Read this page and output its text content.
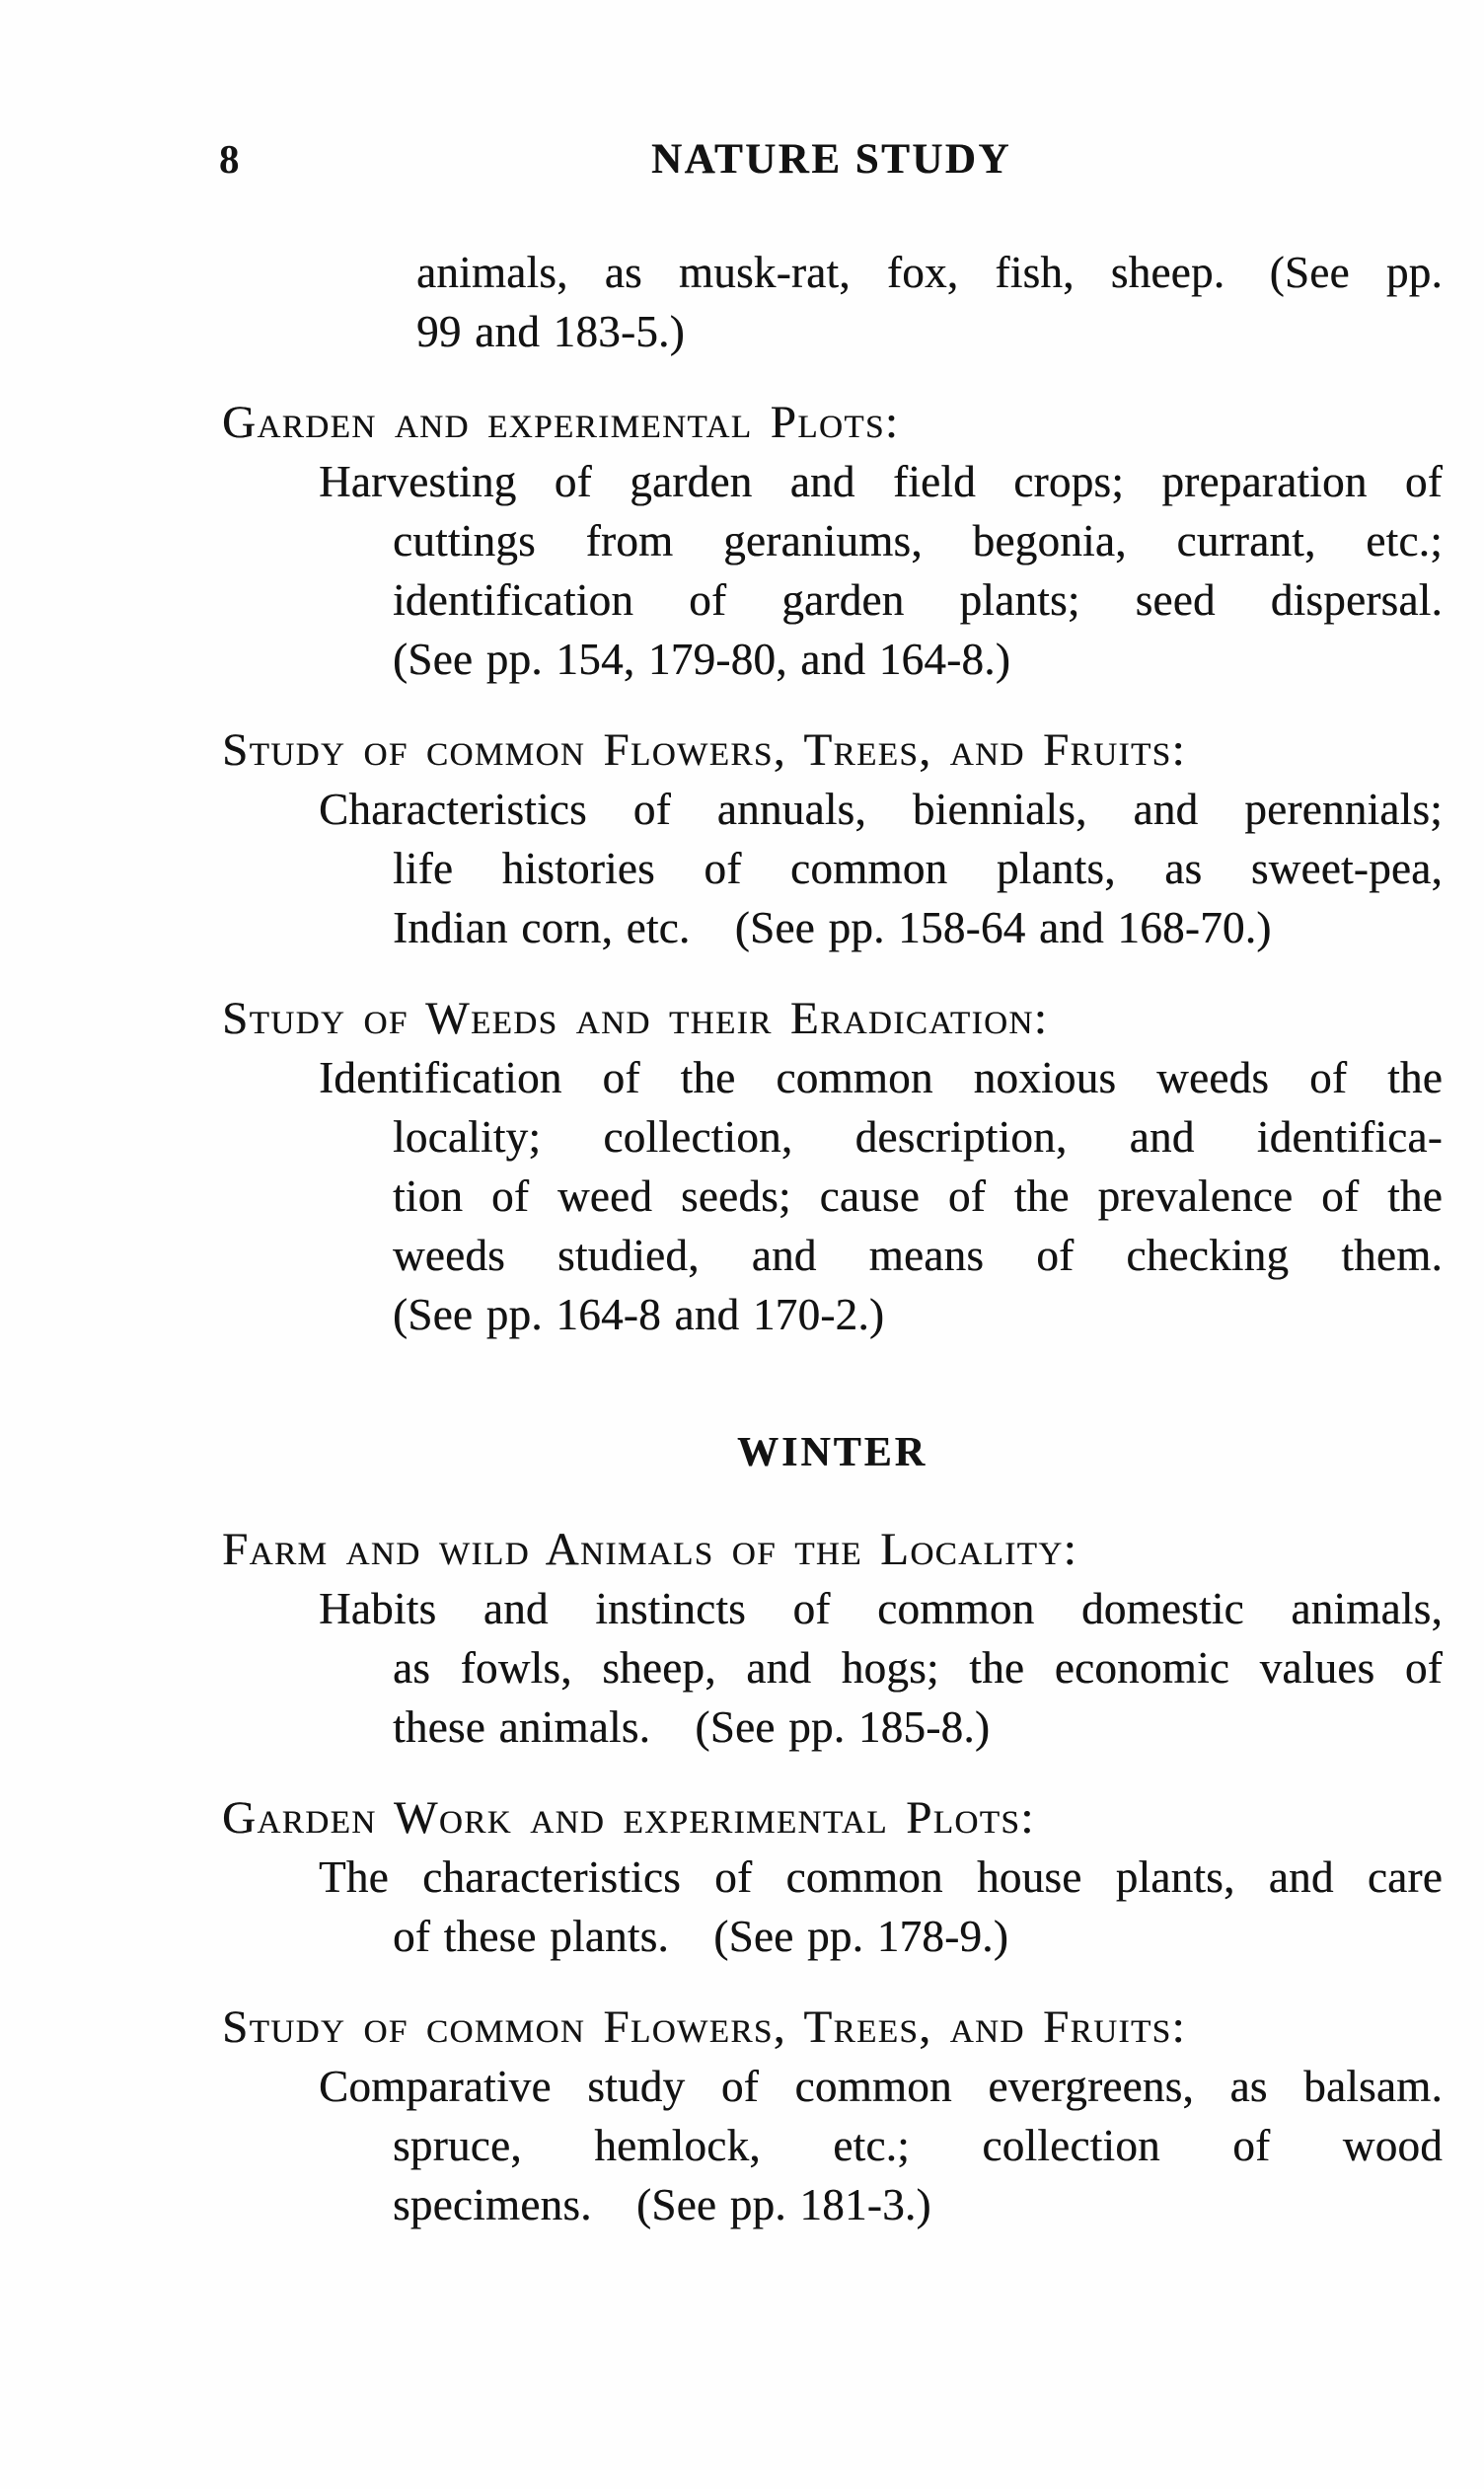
8	NATURE STUDY
animals, as musk-rat, fox, fish, sheep. (See pp.
99 and 183-5.)
Garden and experimental Plots:
Harvesting of garden and field crops; preparation of
cuttings from geraniums, begonia, currant, etc.;
identification of garden plants; seed dispersal.
(See pp. 154, 179-80, and 164-8.)
Study of common Flowers, Trees, and Fruits:
Characteristics of annuals, biennials, and perennials;
life histories of common plants, as sweet-pea,
Indian corn, etc. (See pp. 158-64 and 168-70.)
Study of Weeds and their Eradication:
Identification of the common noxious weeds of the
locality; collection, description, and identifica-
tion of weed seeds; cause of the prevalence of the
weeds studied, and means of checking them.
(See pp. 164-8 and 170-2.)
WINTER
Farm and wild Animals of the Locality:
Habits and instincts of common domestic animals,
as fowls, sheep, and hogs; the economic values of
these animals. (See pp. 185-8.)
Garden Work and experimental Plots:
The characteristics of common house plants, and care
of these plants. (See pp. 178-9.)
Study of common Flowers, Trees, and Fruits:
Comparative study of common evergreens, as balsam.
spruce, hemlock, etc.; collection of wood
specimens. (See pp. 181-3.)
